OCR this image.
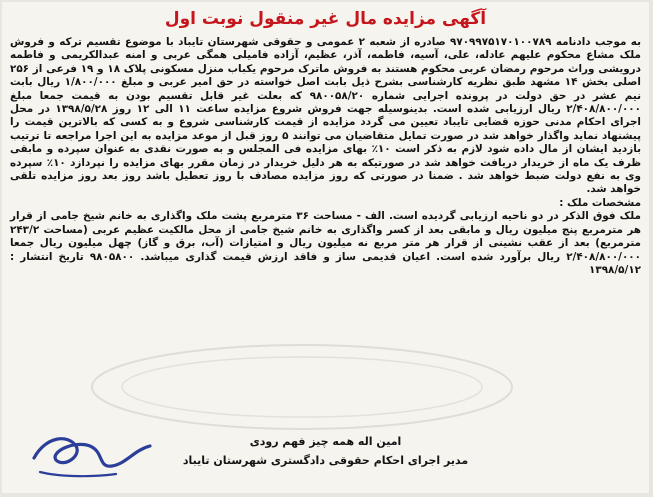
آگهی مزایده مال غیر منقول نوبت اول

به موجب دادنامه ۹۷۰۹۹۷۵۱۷۰۱۰۰۷۸۹ صادره از شعبه ۲ عمومی و حقوقی شهرستان تایباد با موضوع تقسیم ترکه و فروش ملک مشاع محکوم علیهم عادله، علی، آسیه، فاطمه، آذر، عظیم، آزاده فامیلی همگی عربی و امنه عبدالکریمی و فاطمه درویشی وراث مرحوم رمضان عربی محکوم هستند به فروش ماترک مرحوم یکباب منزل مسکونی پلاک ۱۸ و ۱۹ فرعی از ۲۵۶ اصلی بخش ۱۴ مشهد طبق نظریه کارشناسی بشرح ذیل بابت اصل خواسته در حق امیر عربی و مبلغ ۱/۸۰۰/۰۰۰ ریال بابت نیم عشر در حق دولت در پرونده اجرایی شماره ۹۸۰۰۵۸/۲۰ که بعلت غیر قابل تقسیم بودن به قیمت جمعا مبلغ ۲/۴۰۸/۸۰۰/۰۰۰ ریال ارزیابی شده است. بدینوسیله جهت فروش شروع مزایده ساعت ۱۱ الی ۱۲ روز ۱۳۹۸/۵/۲۸ در محل اجرای احکام مدنی حوزه قضایی تایباد تعیین می گردد مزایده از قیمت کارشناسی شروع و به کسی که بالاترین قیمت را پیشنهاد نماید واگذار خواهد شد در صورت تمایل متقاضیان می توانند ۵ روز قبل از موعد مزایده به این اجرا مراجعه تا ترتیب بازدید ایشان از مال داده شود لازم به ذکر است ۱۰٪ بهای مزایده فی المجلس و به صورت نقدی به عنوان سپرده و مابقی ظرف یک ماه از خریدار دریافت خواهد شد در صورتیکه به هر دلیل خریدار در زمان مقرر بهای مزایده را نپردازد ۱۰٪ سپرده وی به نفع دولت ضبط خواهد شد . ضمنا در صورتی که روز مزایده مصادف با روز تعطیل باشد روز بعد روز مزایده تلقی خواهد شد.

مشخصات ملک :

ملک فوق الذکر در دو ناحیه ارزیابی گردیده است. الف - مساحت ۳۶ مترمربع پشت ملک واگذاری به خانم شیخ جامی از قرار هر مترمربع پنج میلیون ریال و مابقی بعد از کسر واگذاری به خانم شیخ جامی از محل مالکیت عظیم عربی (مساحت ۲۴۳/۲ مترمربع) بعد از عقب نشینی از قرار هر متر مربع نه میلیون ریال و امتیازات (آب، برق و گاز) چهل میلیون ریال جمعا ۲/۴۰۸/۸۰۰/۰۰۰ ریال برآورد شده است. اعیان قدیمی ساز و فاقد ارزش قیمت گذاری میباشد. ۹۸۰۵۸۰۰ تاریخ انتشار : ۱۳۹۸/۵/۱۲

امین اله همه چیز فهم رودی
مدیر اجرای احکام حقوقی دادگستری شهرستان تایباد
